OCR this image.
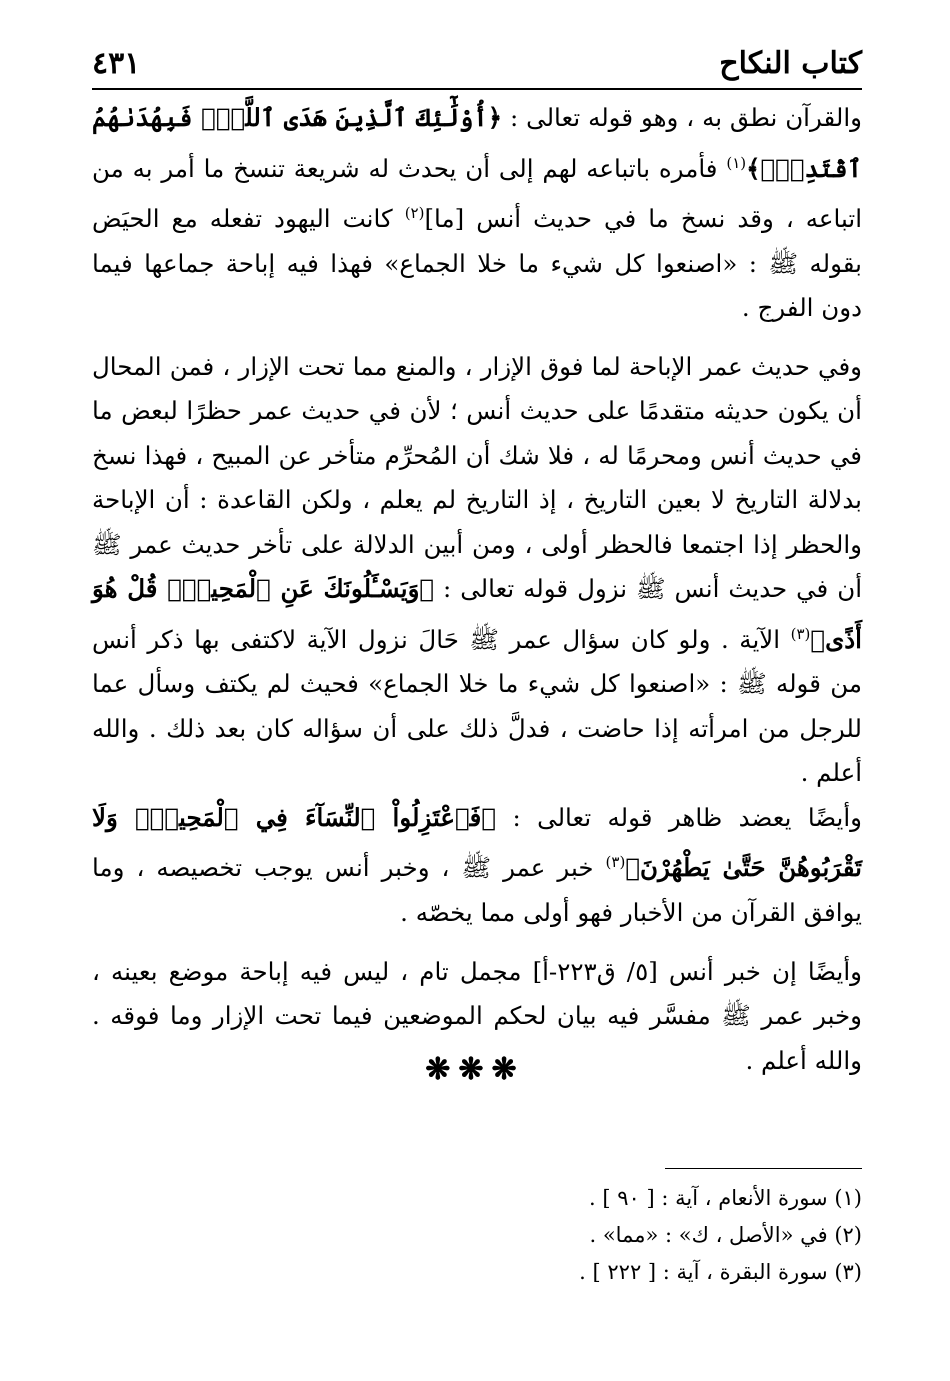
كتاب النكاح
٤٣١

والقرآن نطق به ، وهو قوله تعالى : ﴿أُوْلَٰٓئِكَ ٱلَّذِينَ هَدَى ٱللَّهُۖ فَبِهُدَىٰهُمُ ٱقْتَدِهْۗ﴾$^{(١)}$ فأمره باتباعه لهم إلى أن يحدث له شريعة تنسخ ما أمر به من اتباعه ، وقد نسخ ما في حديث أنس [ما]$^{(٢)}$ كانت اليهود تفعله مع الحيَض بقوله ﷺ : «اصنعوا كل شيء ما خلا الجماع» فهذا فيه إباحة جماعها فيما دون الفرج .

وفي حديث عمر الإباحة لما فوق الإزار ، والمنع مما تحت الإزار ، فمن المحال أن يكون حديثه متقدمًا على حديث أنس ؛ لأن في حديث عمر حظرًا لبعض ما في حديث أنس ومحرمًا له ، فلا شك أن المُحرِّم متأخر عن المبيح ، فهذا نسخ بدلالة التاريخ لا بعين التاريخ ، إذ التاريخ لم يعلم ، ولكن القاعدة : أن الإباحة والحظر إذا اجتمعا فالحظر أولى ، ومن أبين الدلالة على تأخر حديث عمر ﷺ أن في حديث أنس ﷺ نزول قوله تعالى : ﴿وَيَسْـَٔلُونَكَ عَنِ ٱلْمَحِيضِۖ قُلْ هُوَ أَذًى﴾$^{(٣)}$ الآية . ولو كان سؤال عمر ﷺ حَالَ نزول الآية لاكتفى بها ذكر أنس من قوله ﷺ : «اصنعوا كل شيء ما خلا الجماع» فحيث لم يكتف وسأل عما للرجل من امرأته إذا حاضت ، فدلَّ ذلك على أن سؤاله كان بعد ذلك . والله أعلم .

وأيضًا يعضد ظاهر قوله تعالى : ﴿فَٱعْتَزِلُواْ ٱلنِّسَآءَ فِي ٱلْمَحِيضِۖ وَلَا تَقْرَبُوهُنَّ حَتَّىٰ يَطْهُرْنَ﴾$^{(٣)}$ خبر عمر ﷺ ، وخبر أنس يوجب تخصيصه ، وما يوافق القرآن من الأخبار فهو أولى مما يخصّه .

وأيضًا إن خبر أنس [٥/ ق٢٢٣-أ] مجمل تام ، ليس فيه إباحة موضع بعينه ، وخبر عمر ﷺ مفسَّر فيه بيان لحكم الموضعين فيما تحت الإزار وما فوقه . والله أعلم .

❋❋❋

(١) سورة الأنعام ، آية : [ ٩٠ ] .

(٢) في «الأصل ، ك» : «مما» .

(٣) سورة البقرة ، آية : [ ٢٢٢ ] .
